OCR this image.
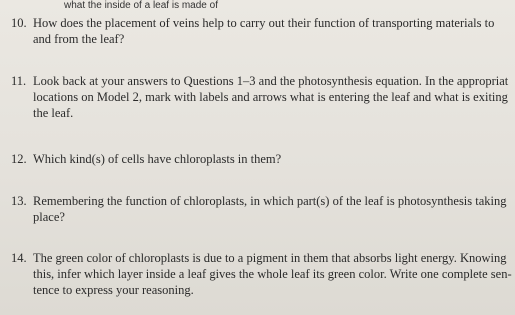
what the inside of a leaf is made of
10. How does the placement of veins help to carry out their function of transporting materials to
and from the leaf?
11. Look back at your answers to Questions 1–3 and the photosynthesis equation. In the appropriat
locations on Model 2, mark with labels and arrows what is entering the leaf and what is exiting
the leaf.
12. Which kind(s) of cells have chloroplasts in them?
13. Remembering the function of chloroplasts, in which part(s) of the leaf is photosynthesis taking
place?
14. The green color of chloroplasts is due to a pigment in them that absorbs light energy. Knowing
this, infer which layer inside a leaf gives the whole leaf its green color. Write one complete sen-
tence to express your reasoning.
